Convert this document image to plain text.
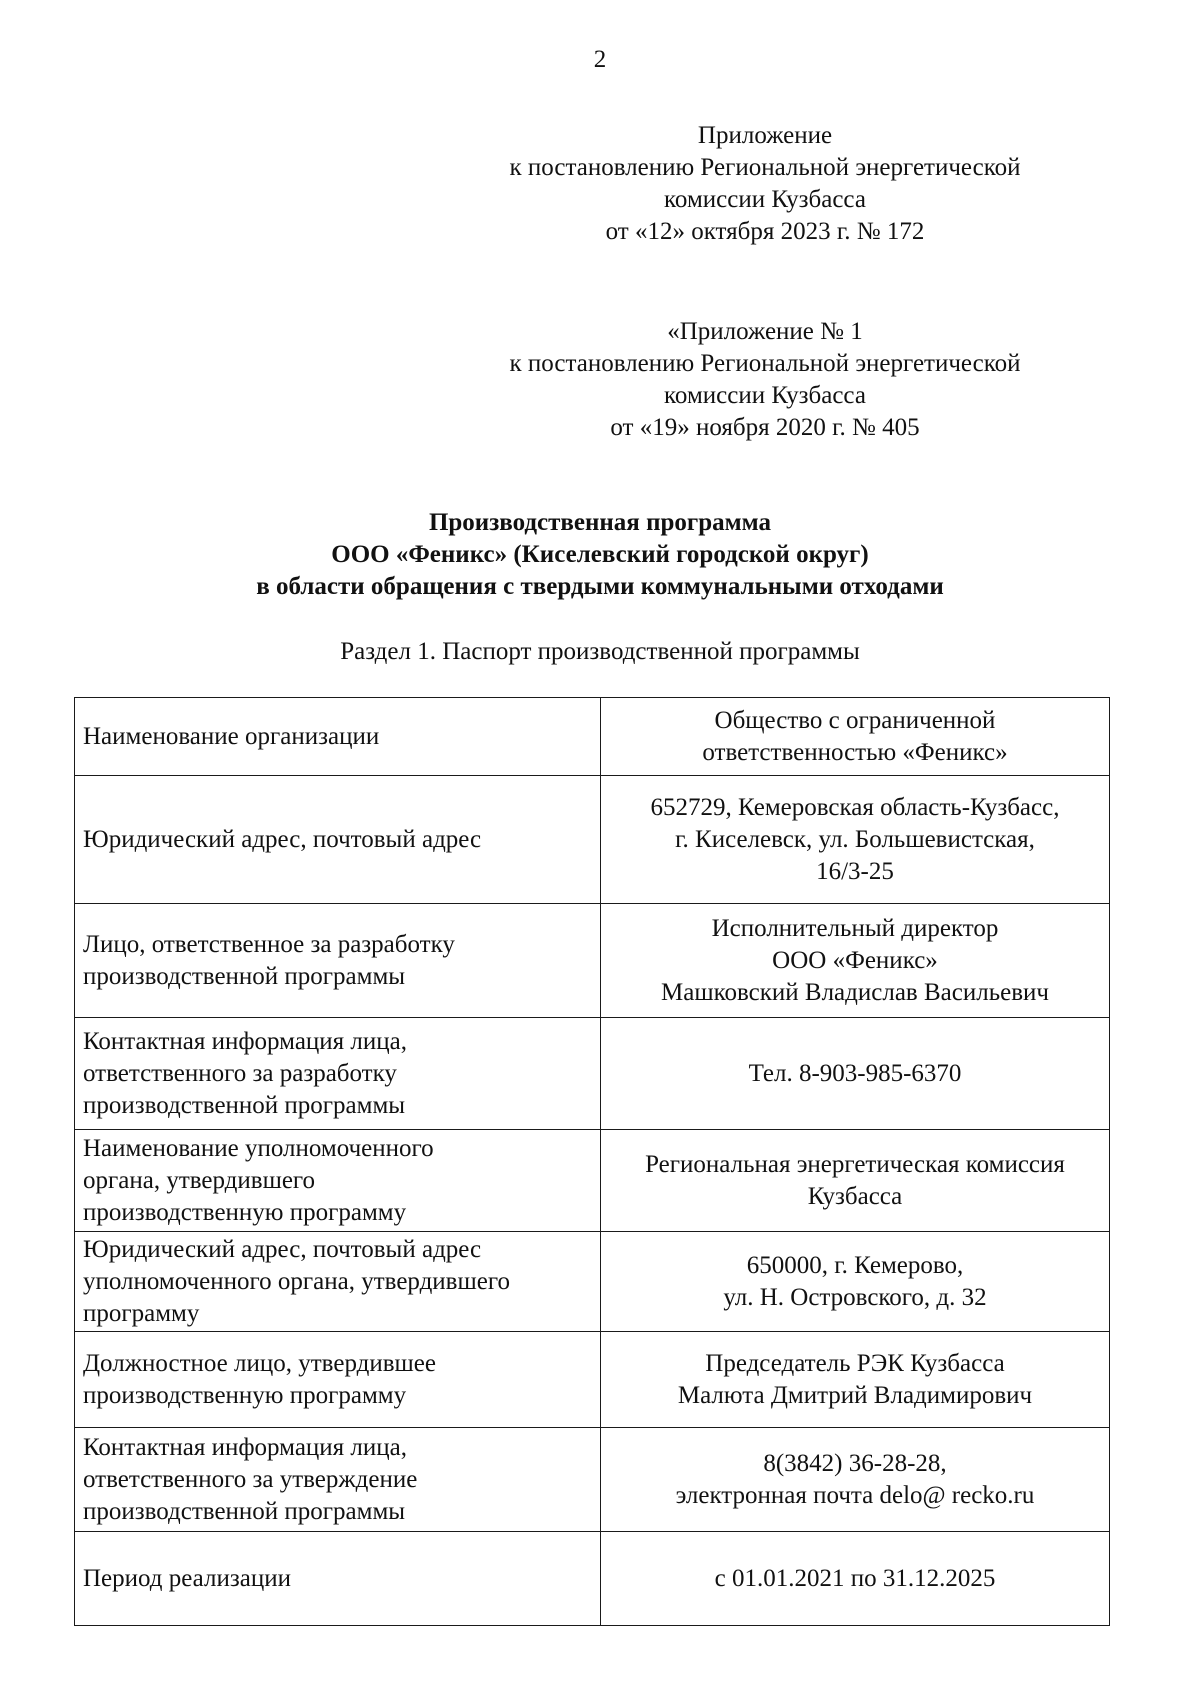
2
Приложение
к постановлению Региональной энергетической
комиссии Кузбасса
от «12» октября 2023 г. № 172
«Приложение № 1
к постановлению Региональной энергетической
комиссии Кузбасса
от «19» ноября 2020 г. № 405
Производственная программа
ООО «Феникс» (Киселевский городской округ)
в области обращения с твердыми коммунальными отходами
Раздел 1. Паспорт производственной программы
Наименование организации	Общество с ограниченной
ответственностью «Феникс»

Юридический адрес, почтовый адрес	652729, Кемеровская область-Кузбасс,
г. Киселевск, ул. Большевистская,
16/3-25

Лицо, ответственное за разработку
производственной программы	Исполнительный директор
ООО «Феникс»
Машковский Владислав Васильевич

Контактная информация лица,
ответственного за разработку
производственной программы	Тел. 8-903-985-6370

Наименование уполномоченного
органа, утвердившего
производственную программу	Региональная энергетическая комиссия
Кузбасса

Юридический адрес, почтовый адрес
уполномоченного органа, утвердившего
программу	650000, г. Кемерово,
ул. Н. Островского, д. 32

Должностное лицо, утвердившее
производственную программу	Председатель РЭК Кузбасса
Малюта Дмитрий Владимирович

Контактная информация лица,
ответственного за утверждение
производственной программы	8(3842) 36-28-28,
электронная почта delo@ recko.ru

Период реализации	с 01.01.2021 по 31.12.2025
